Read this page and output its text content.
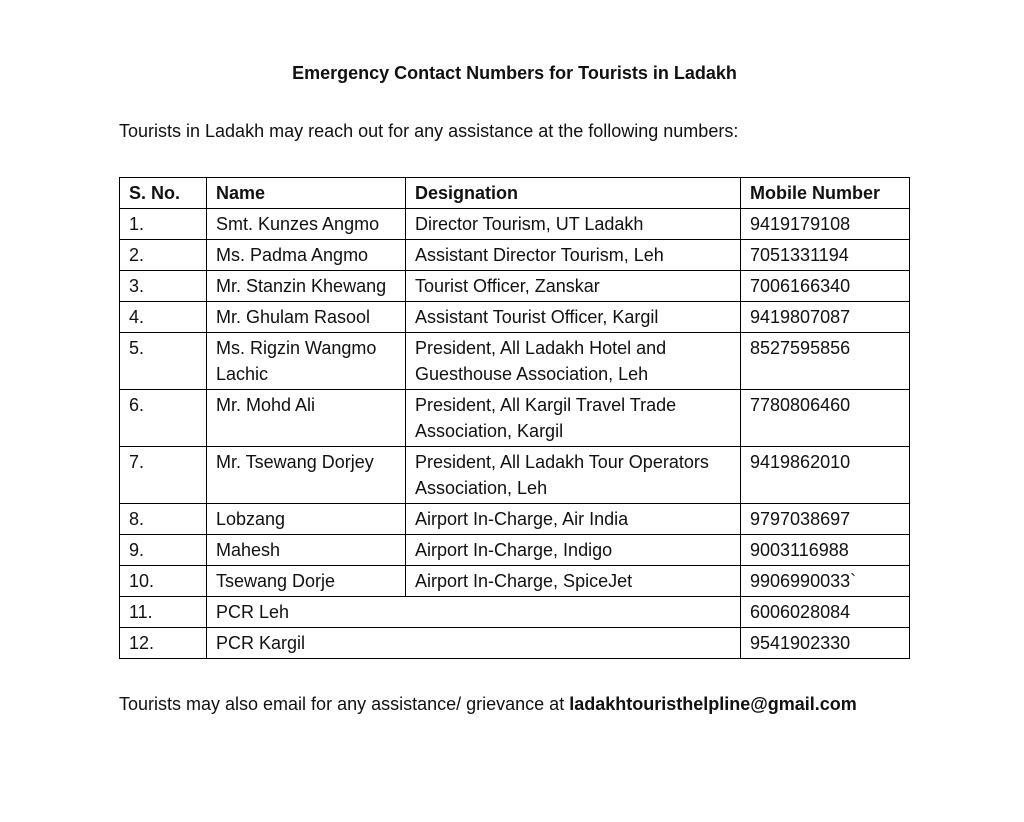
Emergency Contact Numbers for Tourists in Ladakh

Tourists in Ladakh may reach out for any assistance at the following numbers:

S. No.	Name	Designation	Mobile Number
1.	Smt. Kunzes Angmo	Director Tourism, UT Ladakh	9419179108
2.	Ms. Padma Angmo	Assistant Director Tourism, Leh	7051331194
3.	Mr. Stanzin Khewang	Tourist Officer, Zanskar	7006166340
4.	Mr. Ghulam Rasool	Assistant Tourist Officer, Kargil	9419807087
5.	Ms. Rigzin Wangmo Lachic	President, All Ladakh Hotel and Guesthouse Association, Leh	8527595856
6.	Mr. Mohd Ali	President, All Kargil Travel Trade Association, Kargil	7780806460
7.	Mr. Tsewang Dorjey	President, All Ladakh Tour Operators Association, Leh	9419862010
8.	Lobzang	Airport In-Charge, Air India	9797038697
9.	Mahesh	Airport In-Charge, Indigo	9003116988
10.	Tsewang Dorje	Airport In-Charge, SpiceJet	9906990033`
11.	PCR Leh		6006028084
12.	PCR Kargil		9541902330

Tourists may also email for any assistance/ grievance at ladakhtouristhelpline@gmail.com
